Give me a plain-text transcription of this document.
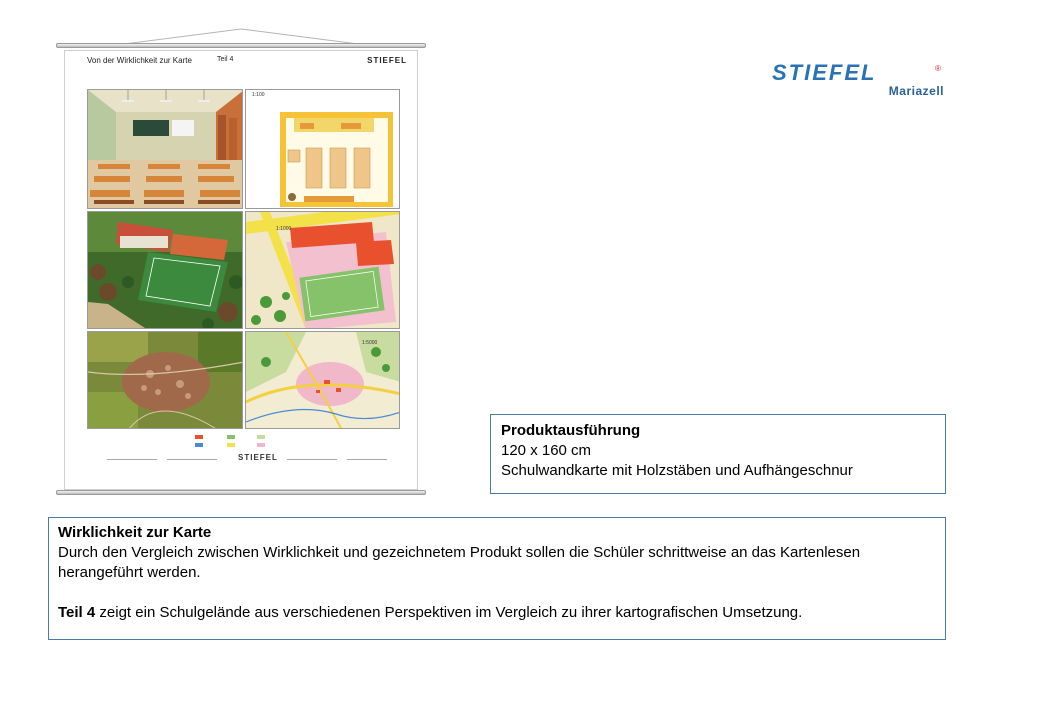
Von der Wirklichkeit zur Karte	Teil 4	STIEFEL
1:100
1:1000
1:5000
STIEFEL
STIEFEL	®
Mariazell

Produktausführung

120 x 160 cm

Schulwandkarte mit Holzstäben und Aufhängeschnur

Wirklichkeit zur Karte

Durch den Vergleich zwischen Wirklichkeit und gezeichnetem Produkt sollen die Schüler schrittweise an das Kartenlesen herangeführt werden.

Teil 4 zeigt ein Schulgelände aus verschiedenen Perspektiven im Vergleich zu ihrer kartografischen Umsetzung.
